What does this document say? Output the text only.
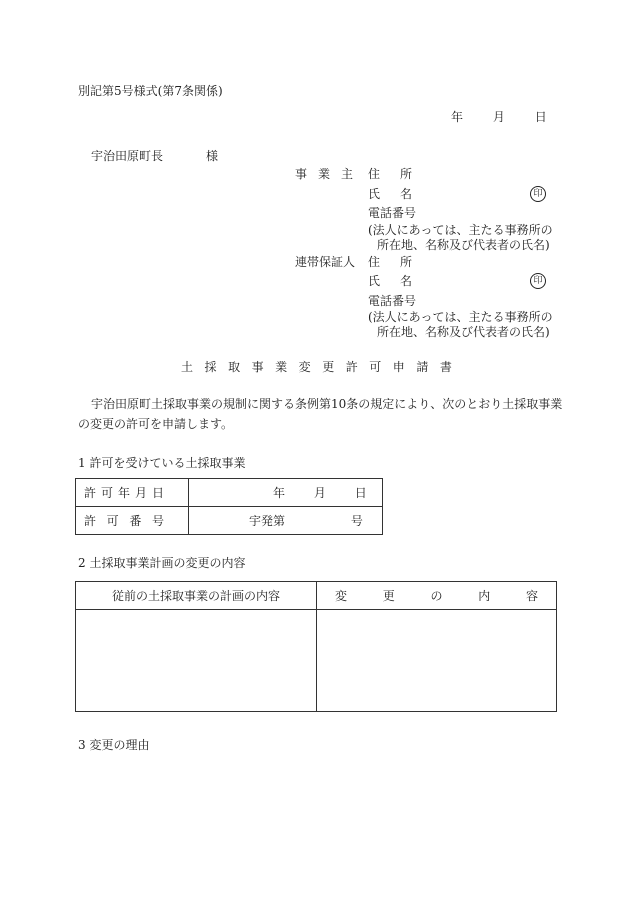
別記第5号様式(第7条関係)
年 月 日
宇治田原町長	様
事 業 主 住 所
氏 名	印
電話番号
(法人にあっては、主たる事務所の
所在地、名称及び代表者の氏名)
連帯保証人 住 所
氏 名	印
電話番号
(法人にあっては、主たる事務所の
所在地、名称及び代表者の氏名)
土 採 取 事 業 変 更 許 可 申 請 書
宇治田原町土採取事業の規制に関する条例第10条の規定により、次のとおり土採取事業
の変更の許可を申請します。
1 許可を受けている土採取事業
許 可 年 月 日	年 月 日

許 可 番 号	宇発第 号
2 土採取事業計画の変更の内容
従前の土採取事業の計画の内容	変 更 の 内 容

3 変更の理由
